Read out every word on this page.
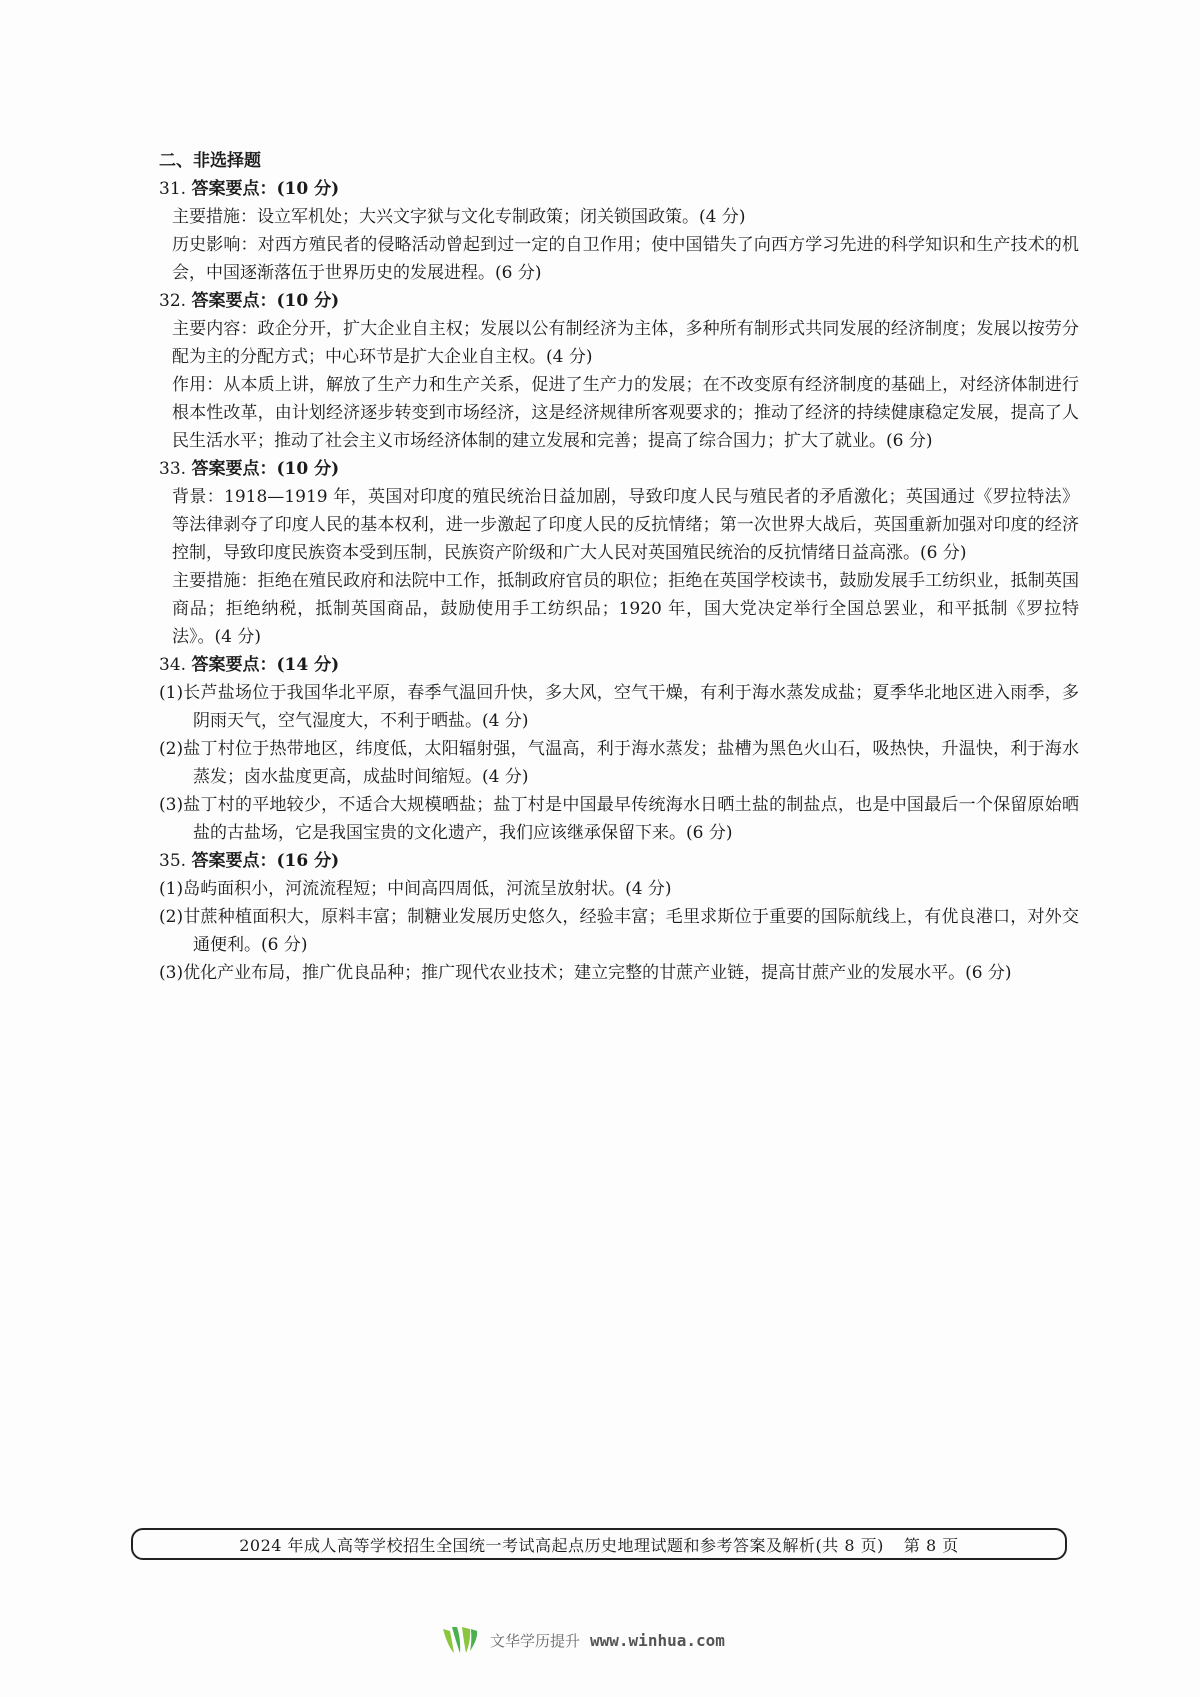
二、非选择题

31. 答案要点：(10 分)

主要措施：设立军机处；大兴文字狱与文化专制政策；闭关锁国政策。(4 分)

历史影响：对西方殖民者的侵略活动曾起到过一定的自卫作用；使中国错失了向西方学习先进的科学知识和生产技术的机会，中国逐渐落伍于世界历史的发展进程。(6 分)

32. 答案要点：(10 分)

主要内容：政企分开，扩大企业自主权；发展以公有制经济为主体，多种所有制形式共同发展的经济制度；发展以按劳分配为主的分配方式；中心环节是扩大企业自主权。(4 分)

作用：从本质上讲，解放了生产力和生产关系，促进了生产力的发展；在不改变原有经济制度的基础上，对经济体制进行根本性改革，由计划经济逐步转变到市场经济，这是经济规律所客观要求的；推动了经济的持续健康稳定发展，提高了人民生活水平；推动了社会主义市场经济体制的建立发展和完善；提高了综合国力；扩大了就业。(6 分)

33. 答案要点：(10 分)

背景：1918—1919 年，英国对印度的殖民统治日益加剧，导致印度人民与殖民者的矛盾激化；英国通过《罗拉特法》等法律剥夺了印度人民的基本权利，进一步激起了印度人民的反抗情绪；第一次世界大战后，英国重新加强对印度的经济控制，导致印度民族资本受到压制，民族资产阶级和广大人民对英国殖民统治的反抗情绪日益高涨。(6 分)

主要措施：拒绝在殖民政府和法院中工作，抵制政府官员的职位；拒绝在英国学校读书，鼓励发展手工纺织业，抵制英国商品；拒绝纳税，抵制英国商品，鼓励使用手工纺织品；1920 年，国大党决定举行全国总罢业，和平抵制《罗拉特法》。(4 分)

34. 答案要点：(14 分)

(1)长芦盐场位于我国华北平原，春季气温回升快，多大风，空气干燥，有利于海水蒸发成盐；夏季华北地区进入雨季，多阴雨天气，空气湿度大，不利于晒盐。(4 分)

(2)盐丁村位于热带地区，纬度低，太阳辐射强，气温高，利于海水蒸发；盐槽为黑色火山石，吸热快，升温快，利于海水蒸发；卤水盐度更高，成盐时间缩短。(4 分)

(3)盐丁村的平地较少，不适合大规模晒盐；盐丁村是中国最早传统海水日晒土盐的制盐点，也是中国最后一个保留原始晒盐的古盐场，它是我国宝贵的文化遗产，我们应该继承保留下来。(6 分)

35. 答案要点：(16 分)

(1)岛屿面积小，河流流程短；中间高四周低，河流呈放射状。(4 分)

(2)甘蔗种植面积大，原料丰富；制糖业发展历史悠久，经验丰富；毛里求斯位于重要的国际航线上，有优良港口，对外交通便利。(6 分)

(3)优化产业布局，推广优良品种；推广现代农业技术；建立完整的甘蔗产业链，提高甘蔗产业的发展水平。(6 分)

2024 年成人高等学校招生全国统一考试高起点历史地理试题和参考答案及解析(共 8 页) 第 8 页
文华学历提升 www.winhua.com
